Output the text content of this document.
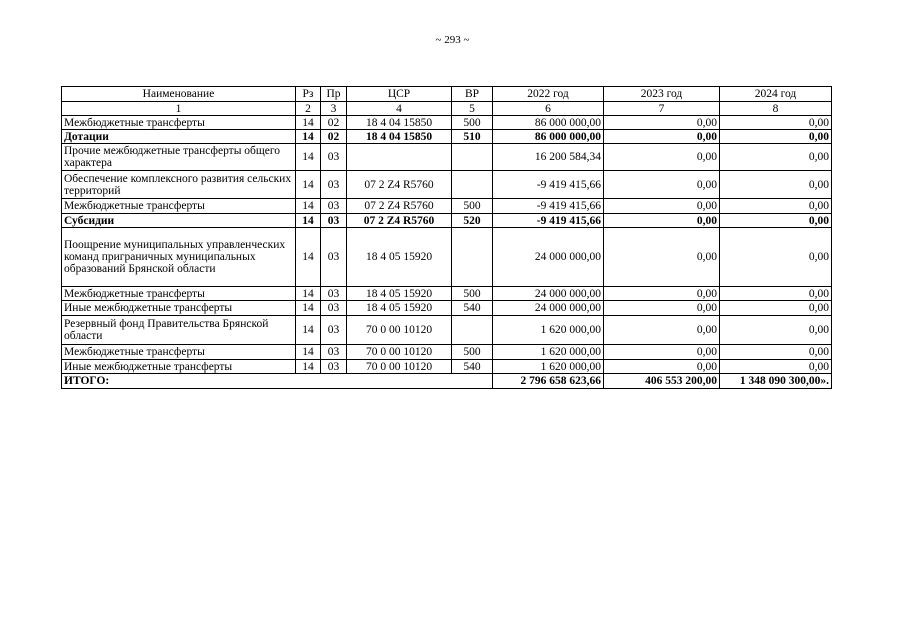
~ 293 ~
Наименование	Рз	Пр	ЦСР	ВР	2022 год	2023 год	2024 год
1	2	3	4	5	6	7	8
Межбюджетные трансферты	14	02	18 4 04 15850	500	86 000 000,00	0,00	0,00
Дотации	14	02	18 4 04 15850	510	86 000 000,00	0,00	0,00
Прочие межбюджетные трансферты общего характера	14	03			16 200 584,34	0,00	0,00
Обеспечение комплексного развития сельских территорий	14	03	07 2 Z4 R5760		-9 419 415,66	0,00	0,00
Межбюджетные трансферты	14	03	07 2 Z4 R5760	500	-9 419 415,66	0,00	0,00
Субсидии	14	03	07 2 Z4 R5760	520	-9 419 415,66	0,00	0,00
Поощрение муниципальных управленческих команд приграничных муниципальных образований Брянской области	14	03	18 4 05 15920		24 000 000,00	0,00	0,00
Межбюджетные трансферты	14	03	18 4 05 15920	500	24 000 000,00	0,00	0,00
Иные межбюджетные трансферты	14	03	18 4 05 15920	540	24 000 000,00	0,00	0,00
Резервный фонд Правительства Брянской области	14	03	70 0 00 10120		1 620 000,00	0,00	0,00
Межбюджетные трансферты	14	03	70 0 00 10120	500	1 620 000,00	0,00	0,00
Иные межбюджетные трансферты	14	03	70 0 00 10120	540	1 620 000,00	0,00	0,00
ИТОГО:					2 796 658 623,66	406 553 200,00	1 348 090 300,00».
